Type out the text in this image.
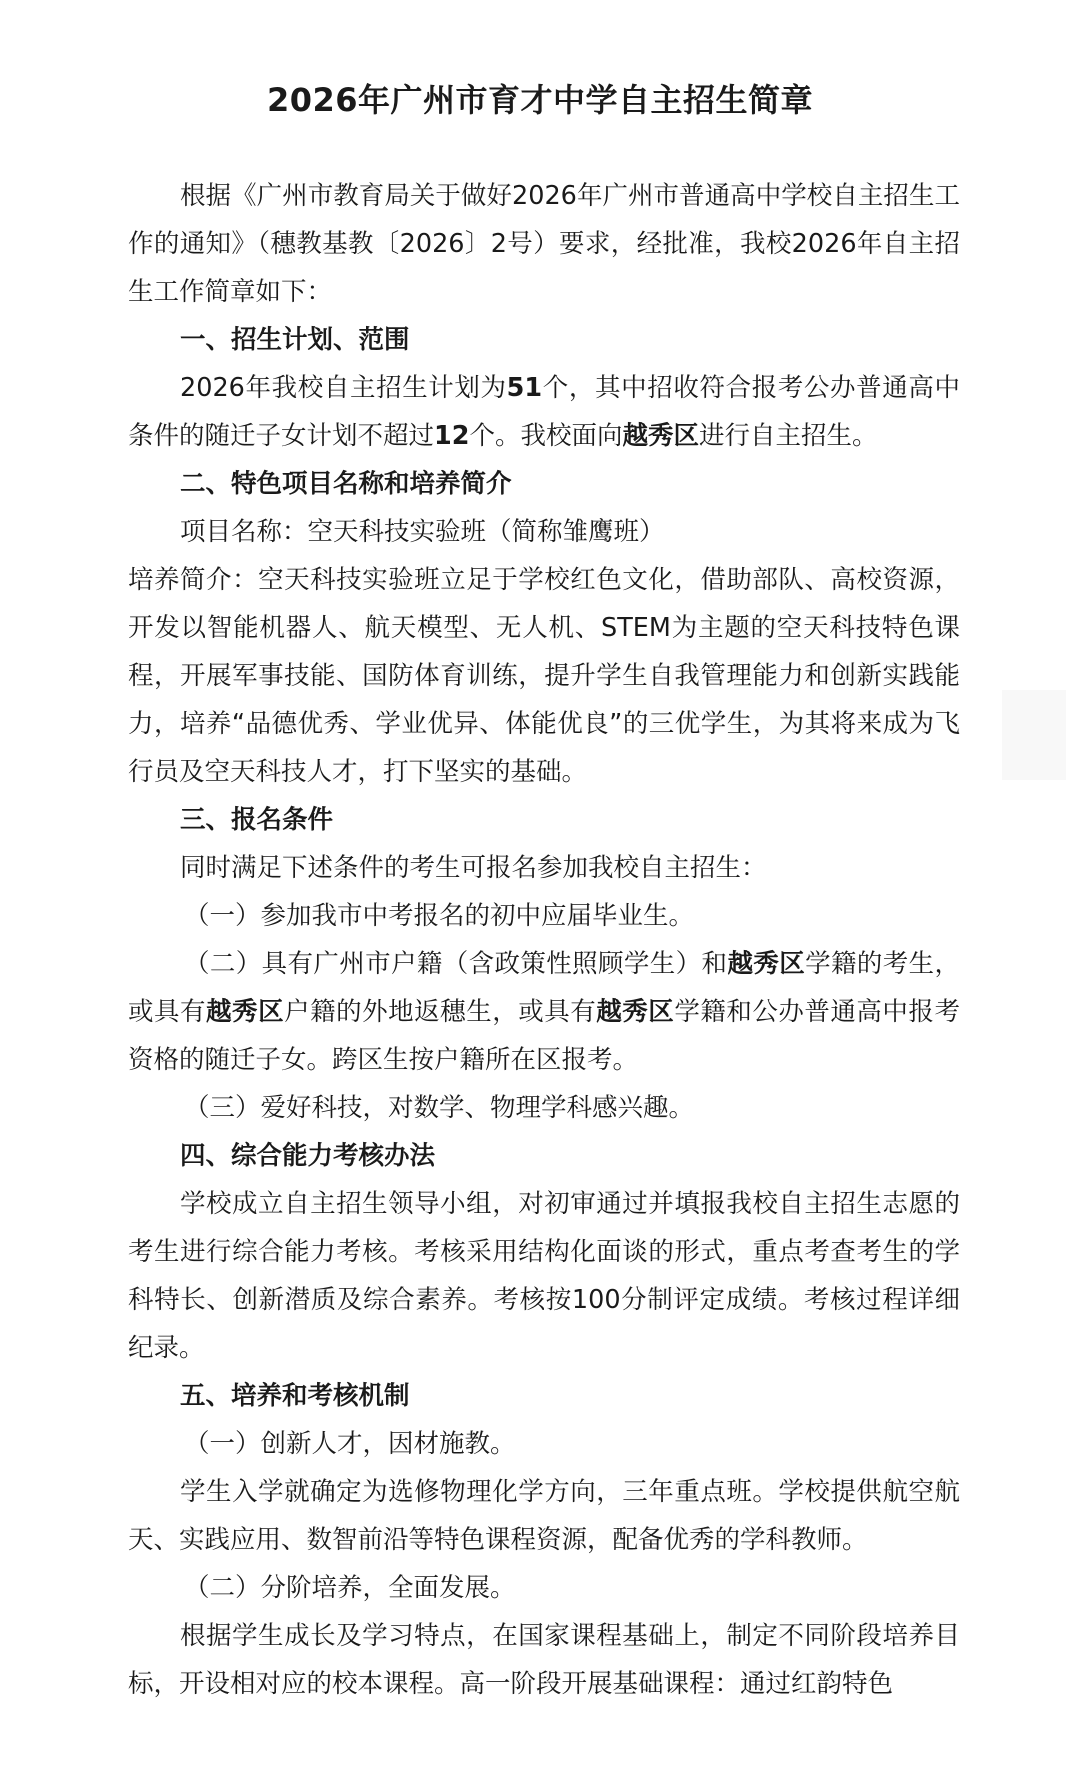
2026年广州市育才中学自主招生简章

根据《广州市教育局关于做好2026年广州市普通高中学校自主招生工作的通知》（穗教基教〔2026〕2号）要求，经批准，我校2026年自主招生工作简章如下：

一、招生计划、范围

2026年我校自主招生计划为51个，其中招收符合报考公办普通高中条件的随迁子女计划不超过12个。我校面向越秀区进行自主招生。

二、特色项目名称和培养简介

项目名称：空天科技实验班（简称雏鹰班）

培养简介：空天科技实验班立足于学校红色文化，借助部队、高校资源，开发以智能机器人、航天模型、无人机、STEM为主题的空天科技特色课程，开展军事技能、国防体育训练，提升学生自我管理能力和创新实践能力，培养“品德优秀、学业优异、体能优良”的三优学生，为其将来成为飞行员及空天科技人才，打下坚实的基础。

三、报名条件

同时满足下述条件的考生可报名参加我校自主招生：

（一）参加我市中考报名的初中应届毕业生。

（二）具有广州市户籍（含政策性照顾学生）和越秀区学籍的考生，或具有越秀区户籍的外地返穗生，或具有越秀区学籍和公办普通高中报考资格的随迁子女。跨区生按户籍所在区报考。

（三）爱好科技，对数学、物理学科感兴趣。

四、综合能力考核办法

学校成立自主招生领导小组，对初审通过并填报我校自主招生志愿的考生进行综合能力考核。考核采用结构化面谈的形式，重点考查考生的学科特长、创新潜质及综合素养。考核按100分制评定成绩。考核过程详细纪录。

五、培养和考核机制

（一）创新人才，因材施教。

学生入学就确定为选修物理化学方向，三年重点班。学校提供航空航天、实践应用、数智前沿等特色课程资源，配备优秀的学科教师。

（二）分阶培养，全面发展。

根据学生成长及学习特点，在国家课程基础上，制定不同阶段培养目标，开设相对应的校本课程。高一阶段开展基础课程：通过红韵特色
